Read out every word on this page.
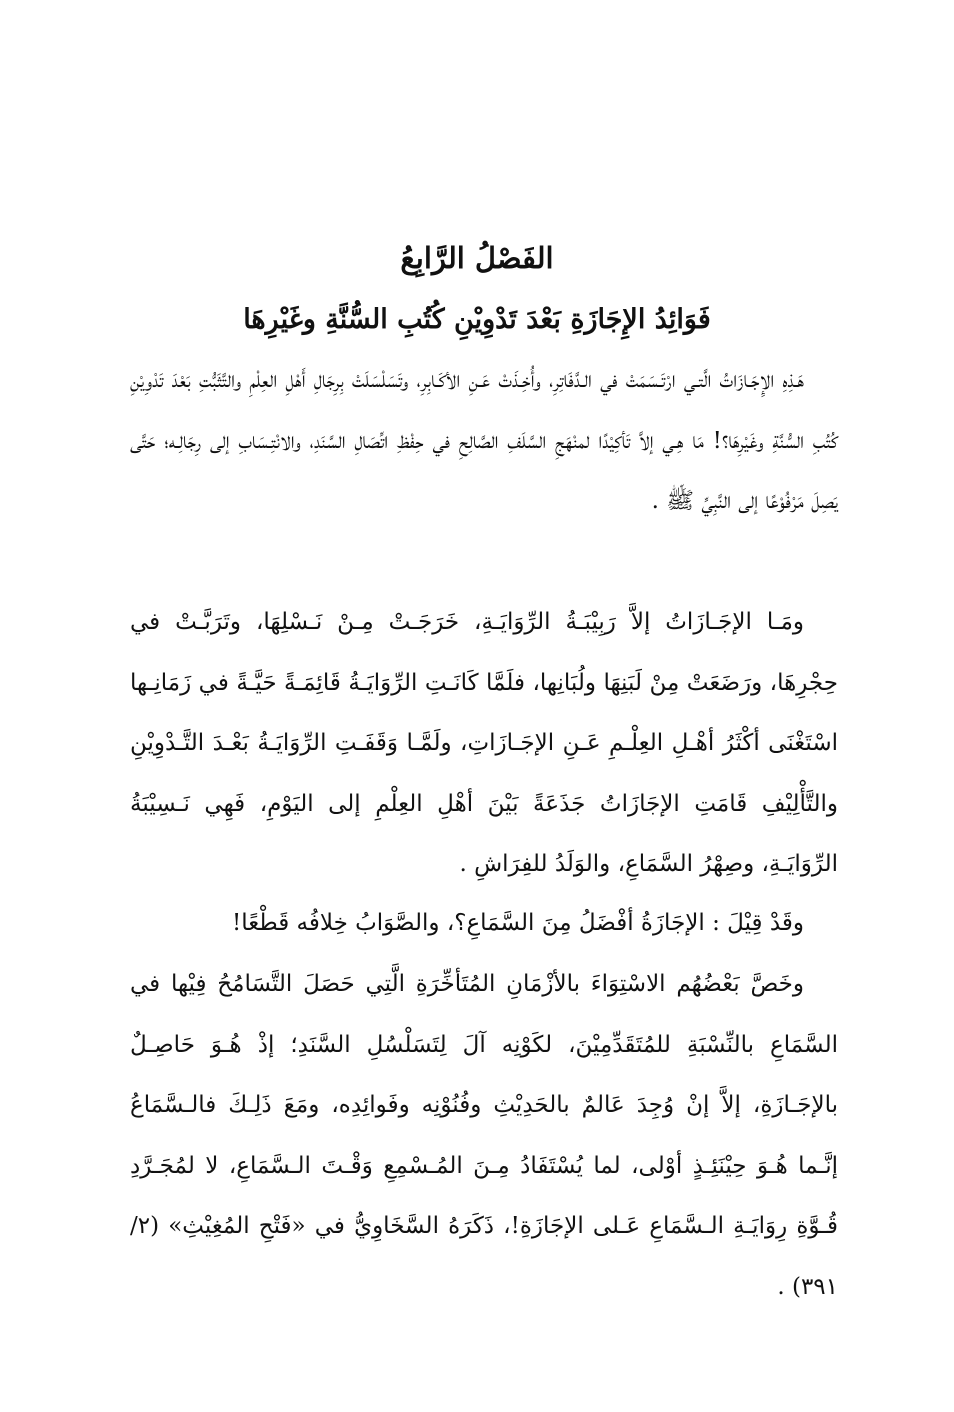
الفَصْلُ الرَّابِعُ
فَوَائِدُ الإِجَازَةِ بَعْدَ تَدْوِيْنِ كُتُبِ السُّنَّةِ وغَيْرِهَا

هَـذِهِ الإِجَـازَاتُ الَّتـي ارْتَـسَمَتْ في الـدَّفَاتِرِ، وأُخِـذَتْ عَـنِ الأكَـابِرِ، وتَسَلْسَلَتْ بِرِجَالِ أَهْلِ العِلْمِ والتَّثَبُّتِ بَعْدَ تَدْوِيْنِ كُتُبِ السُّنَّةِ وغَيْرِهَا؟! مَا هِـي إلاَّ تَأكِيْدًا لمنْهَجِ السَّلَفِ الصَّالِحِ في حِفْظِ اتِّصَالِ السَّنَدِ، والانْتِـسَابِ إلى رِجَالِـه؛ حَتَّى يَصِلَ مَرْفُوْعًا إلى النَّبِيِّ ﷺ .

ومَـا الإجَـازَاتُ إلاَّ رَبِيْبَـةُ الرِّوَايَـةِ، خَرَجَـتْ مِـنْ نَـسْلِهَا، وتَرَبَّـتْ في حِجْرِهَا، ورَضَعَتْ مِنْ لَبَنِهَا ولُبَانِها، فلَمَّا كَانَـتِ الرِّوَايَـةُ قَائِمَـةً حَيَّـةً في زَمَانِـها اسْتَغْنَى أكْثَرُ أهْـلِ العِلْـمِ عَـنِ الإجَـازَاتِ، ولَمَّـا وَقَفَـتِ الرِّوَايَـةُ بَعْـدَ التَّـدْوِيْنِ والتَّأْلِيْفِ قَامَتِ الإجَازَاتُ جَذَعَةً بَيْنَ أهْلِ العِلْمِ إلى اليَوْمِ، فَهِي نَـسِيْبَةُ الرِّوَايَـةِ، وصِهْرُ السَّمَاعِ، والوَلَدُ للفِرَاشِ .

وقَدْ قِيْلَ : الإجَازَةُ أفْضَلُ مِنَ السَّمَاعِ؟، والصَّوَابُ خِلافُه قَطْعًا!

وخَصَّ بَعْضُهُم الاسْتِوَاءَ بالأزْمَانِ المُتَأخِّرَةِ الَّتِي حَصَلَ التَّسَامُحُ فِيْها في السَّمَاعِ بالنِّسْبَةِ للمُتَقَدِّمِيْنَ، لكَوْنِه آلَ لِتَسَلْسُلِ السَّنَدِ؛ إذْ هُـوَ حَاصِـلٌ بالإجَـازَةِ، إلاَّ إنْ وُجِدَ عَالمٌ بالحَدِيْثِ وفُنُوْنِه وفَوائِدِه، ومَعَ ذَلِـكَ فالـسَّمَاعُ إنَّـما هُـوَ حِيْنَئِـذٍ أوْلى، لما يُسْتَفَادُ مِـنَ المُـسْمِعِ وَقْـتَ الـسَّمَاعِ، لا لمُجَـرَّدِ قُـوَّةِ رِوَايَـةِ الـسَّمَاعِ عَـلى الإجَازَةِ!، ذَكَرَهُ السَّخَاوِيُّ في «فَتْحِ المُغِيْثِ» (٢/ ٣٩١) .
